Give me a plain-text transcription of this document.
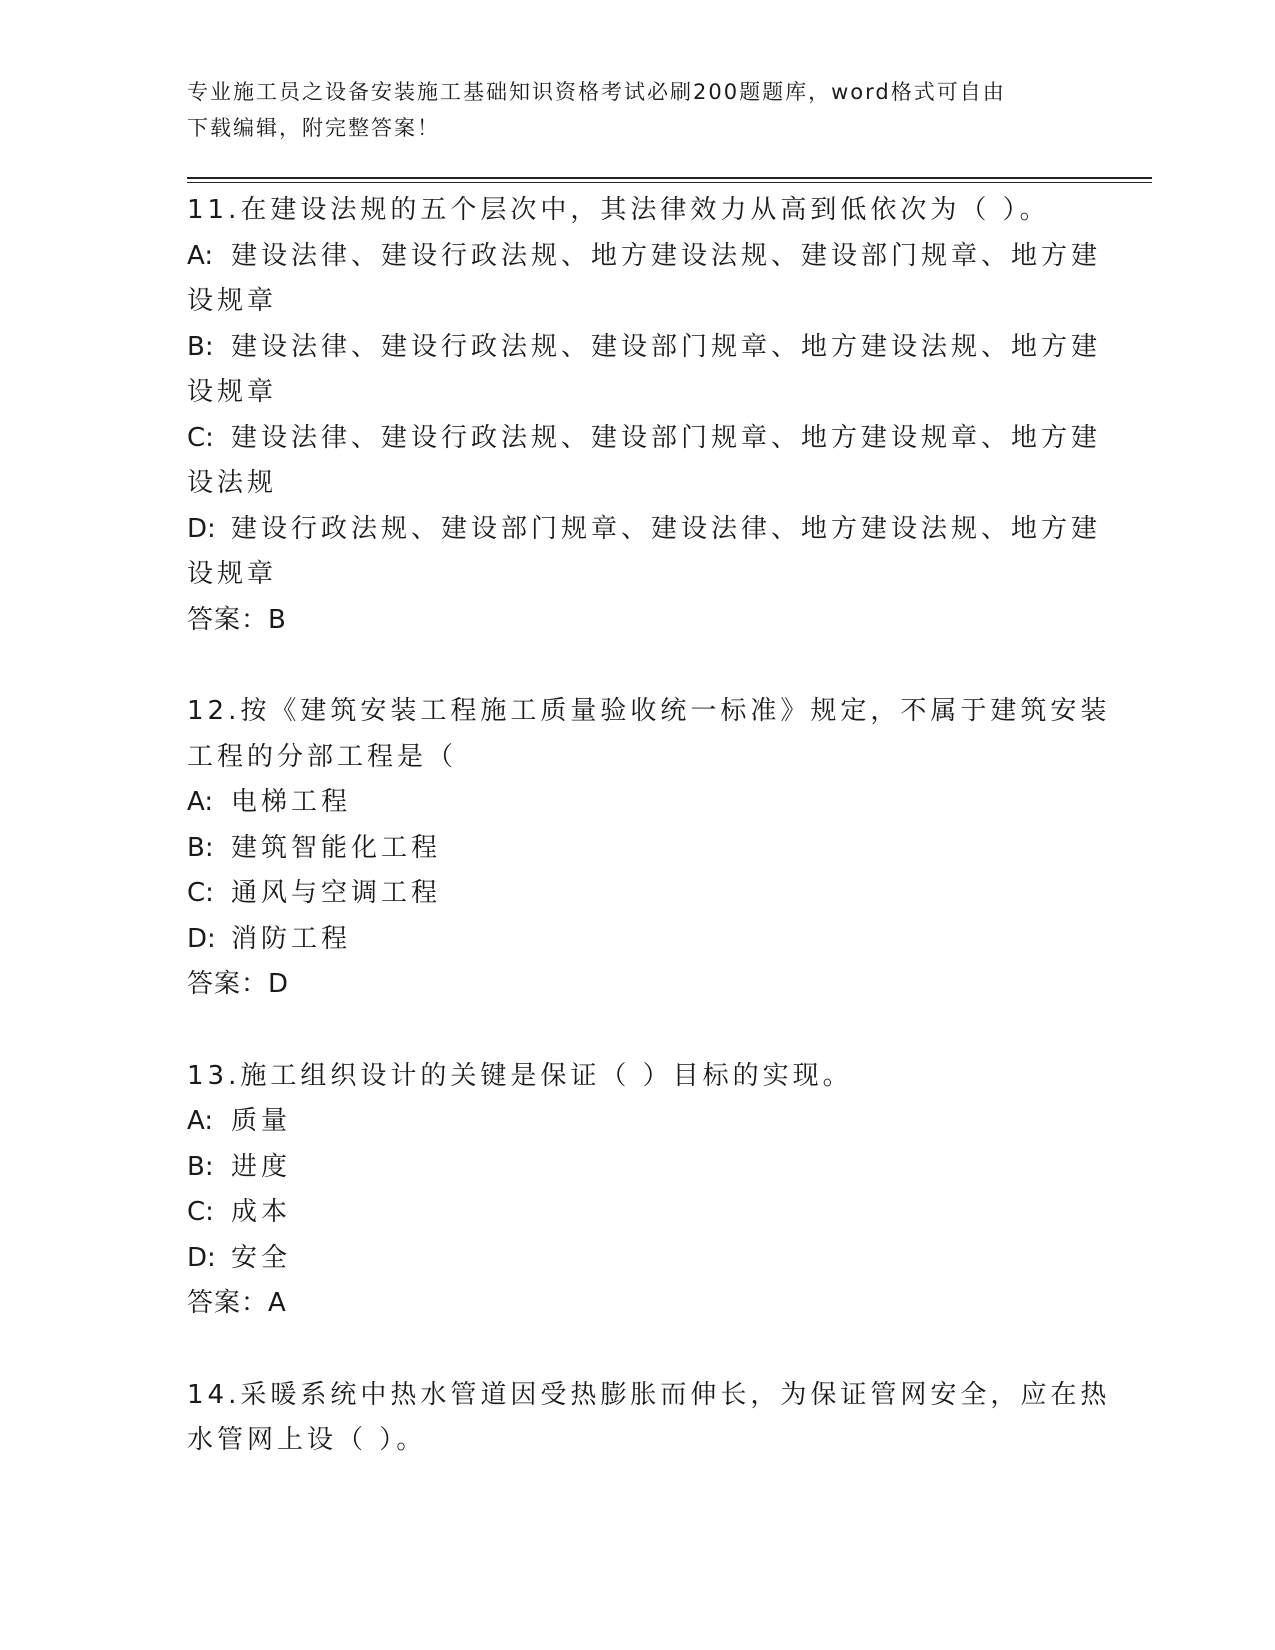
专业施工员之设备安装施工基础知识资格考试必刷200题题库，word格式可自由
下载编辑，附完整答案！
11.在建设法规的五个层次中，其法律效力从高到低依次为（ ）。
A: 建设法律、建设行政法规、地方建设法规、建设部门规章、地方建
设规章
B: 建设法律、建设行政法规、建设部门规章、地方建设法规、地方建
设规章
C: 建设法律、建设行政法规、建设部门规章、地方建设规章、地方建
设法规
D: 建设行政法规、建设部门规章、建设法律、地方建设法规、地方建
设规章
答案：B
12.按《建筑安装工程施工质量验收统一标准》规定，不属于建筑安装
工程的分部工程是（
A: 电梯工程
B: 建筑智能化工程
C: 通风与空调工程
D: 消防工程
答案：D
13.施工组织设计的关键是保证（ ）目标的实现。
A: 质量
B: 进度
C: 成本
D: 安全
答案：A
14.采暖系统中热水管道因受热膨胀而伸长，为保证管网安全，应在热
水管网上设（ ）。
